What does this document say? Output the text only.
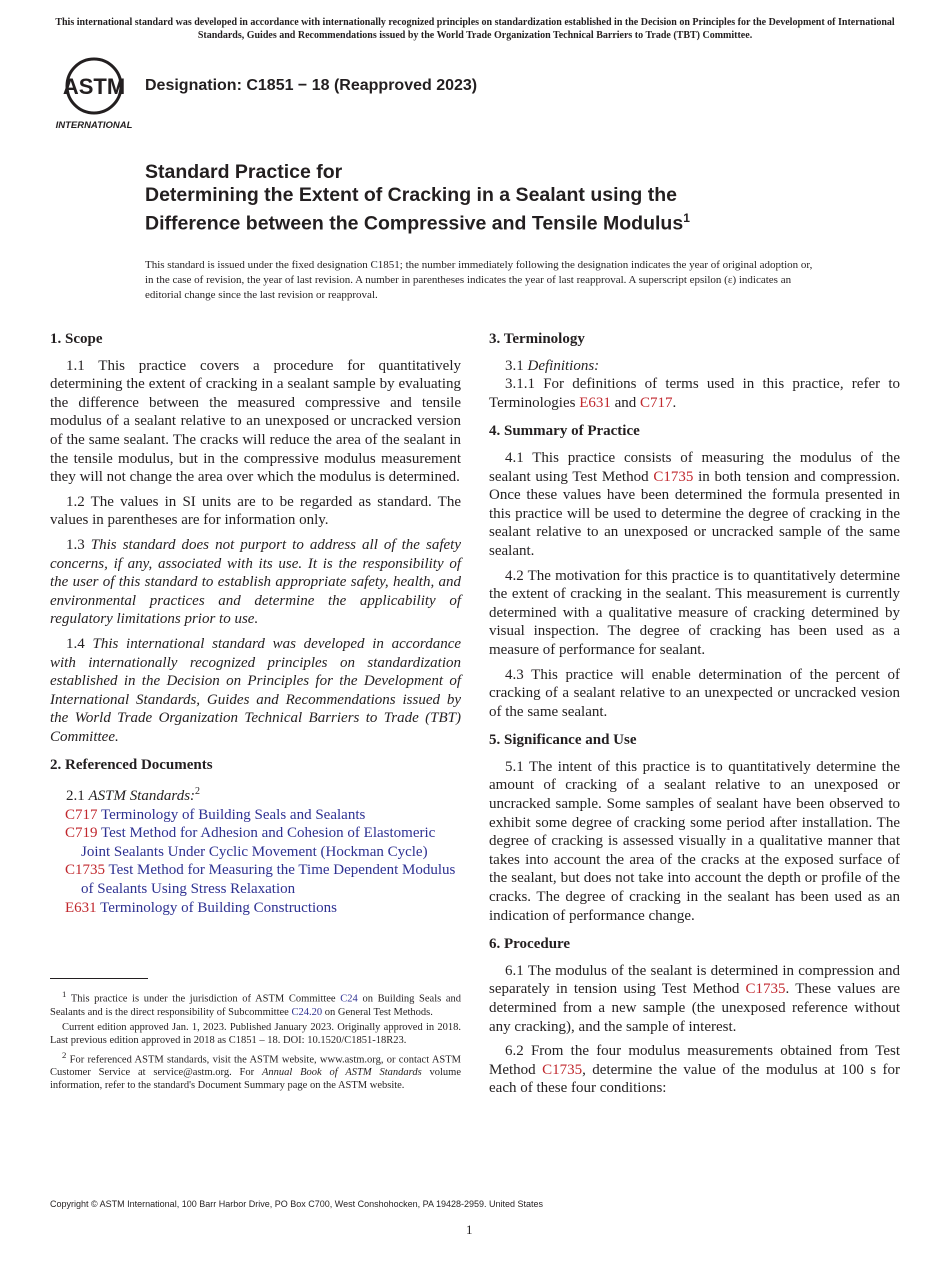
This international standard was developed in accordance with internationally recognized principles on standardization established in the Decision on Principles for the Development of International Standards, Guides and Recommendations issued by the World Trade Organization Technical Barriers to Trade (TBT) Committee.
ASTM
INTERNATIONAL
Designation: C1851 − 18 (Reapproved 2023)
Standard Practice for
Determining the Extent of Cracking in a Sealant using the
Difference between the Compressive and Tensile Modulus$^1$
This standard is issued under the fixed designation C1851; the number immediately following the designation indicates the year of original adoption or, in the case of revision, the year of last revision. A number in parentheses indicates the year of last reapproval. A superscript epsilon (ε) indicates an editorial change since the last revision or reapproval.
1. Scope

1.1 This practice covers a procedure for quantitatively determining the extent of cracking in a sealant sample by evaluating the difference between the measured compressive and tensile modulus of a sealant relative to an unexposed or uncracked version of the same sealant. The cracks will reduce the area of the sealant in the tensile modulus, but in the compressive modulus measurement they will not change the area over which the modulus is determined.

1.2 The values in SI units are to be regarded as standard. The values in parentheses are for information only.

1.3 This standard does not purport to address all of the safety concerns, if any, associated with its use. It is the responsibility of the user of this standard to establish appropriate safety, health, and environmental practices and determine the applicability of regulatory limitations prior to use.

1.4 This international standard was developed in accordance with internationally recognized principles on standardization established in the Decision on Principles for the Development of International Standards, Guides and Recommendations issued by the World Trade Organization Technical Barriers to Trade (TBT) Committee.

2. Referenced Documents

2.1 ASTM Standards:$^2$

C717 Terminology of Building Seals and Sealants

C719 Test Method for Adhesion and Cohesion of Elastomeric Joint Sealants Under Cyclic Movement (Hockman Cycle)

C1735 Test Method for Measuring the Time Dependent Modulus of Sealants Using Stress Relaxation

E631 Terminology of Building Constructions

$^1$ This practice is under the jurisdiction of ASTM Committee C24 on Building Seals and Sealants and is the direct responsibility of Subcommittee C24.20 on General Test Methods.

Current edition approved Jan. 1, 2023. Published January 2023. Originally approved in 2018. Last previous edition approved in 2018 as C1851 – 18. DOI: 10.1520/C1851-18R23.

$^2$ For referenced ASTM standards, visit the ASTM website, www.astm.org, or contact ASTM Customer Service at service@astm.org. For Annual Book of ASTM Standards volume information, refer to the standard's Document Summary page on the ASTM website.

3. Terminology

3.1 Definitions:

3.1.1 For definitions of terms used in this practice, refer to Terminologies E631 and C717.

4. Summary of Practice

4.1 This practice consists of measuring the modulus of the sealant using Test Method C1735 in both tension and compression. Once these values have been determined the formula presented in this practice will be used to determine the degree of cracking in the sealant relative to an unexposed or uncracked sample of the same sealant.

4.2 The motivation for this practice is to quantitatively determine the extent of cracking in the sealant. This measurement is currently determined with a qualitative measure of cracking determined by visual inspection. The degree of cracking has been used as a measure of performance for sealant.

4.3 This practice will enable determination of the percent of cracking of a sealant relative to an unexpected or uncracked vesion of the same sealant.

5. Significance and Use

5.1 The intent of this practice is to quantitatively determine the amount of cracking of a sealant relative to an unexposed or uncracked sample. Some samples of sealant have been observed to exhibit some degree of cracking some period after installation. The degree of cracking is assessed visually in a qualitative manner that takes into account the area of the cracks at the exposed surface of the sealant, but does not take into account the depth or profile of the cracks. The degree of cracking in the sealant has been used as an indication of performance change.

6. Procedure

6.1 The modulus of the sealant is determined in compression and separately in tension using Test Method C1735. These values are determined from a new sample (the unexposed reference without any cracking), and the sample of interest.

6.2 From the four modulus measurements obtained from Test Method C1735, determine the value of the modulus at 100 s for each of these four conditions:

Copyright © ASTM International, 100 Barr Harbor Drive, PO Box C700, West Conshohocken, PA 19428-2959. United States
1
